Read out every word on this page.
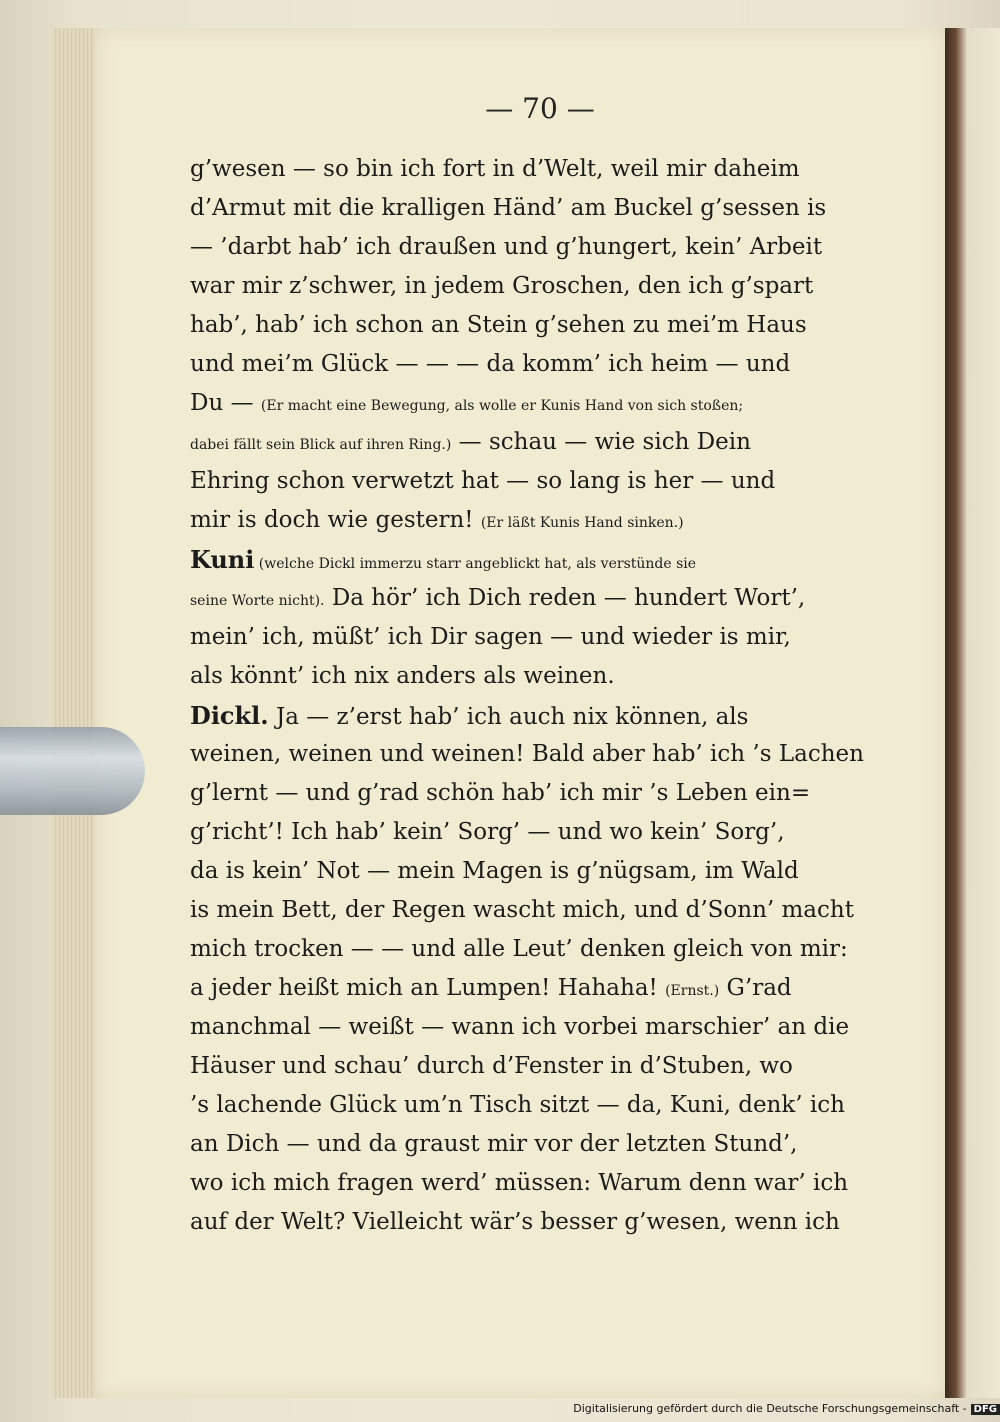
— 70 —
g’wesen — so bin ich fort in d’Welt, weil mir daheim
d’Armut mit die kralligen Händ’ am Buckel g’sessen is
— ’darbt hab’ ich draußen und g’hungert, kein’ Arbeit
war mir z’schwer, in jedem Groschen, den ich g’spart
hab’, hab’ ich schon an Stein g’sehen zu mei’m Haus
und mei’m Glück — — — da komm’ ich heim — und
Du — (Er macht eine Bewegung, als wolle er Kunis Hand von sich stoßen;
dabei fällt sein Blick auf ihren Ring.) — schau — wie sich Dein
Ehring schon verwetzt hat — so lang is her — und
mir is doch wie gestern! (Er läßt Kunis Hand sinken.)
Kuni (welche Dickl immerzu starr angeblickt hat, als verstünde sie
seine Worte nicht). Da hör’ ich Dich reden — hundert Wort’,
mein’ ich, müßt’ ich Dir sagen — und wieder is mir,
als könnt’ ich nix anders als weinen.
Dickl. Ja — z’erst hab’ ich auch nix können, als
weinen, weinen und weinen! Bald aber hab’ ich ’s Lachen
g’lernt — und g’rad schön hab’ ich mir ’s Leben ein=
g’richt’! Ich hab’ kein’ Sorg’ — und wo kein’ Sorg’,
da is kein’ Not — mein Magen is g’nügsam, im Wald
is mein Bett, der Regen wascht mich, und d’Sonn’ macht
mich trocken — — und alle Leut’ denken gleich von mir:
a jeder heißt mich an Lumpen! Hahaha! (Ernst.) G’rad
manchmal — weißt — wann ich vorbei marschier’ an die
Häuser und schau’ durch d’Fenster in d’Stuben, wo
’s lachende Glück um’n Tisch sitzt — da, Kuni, denk’ ich
an Dich — und da graust mir vor der letzten Stund’,
wo ich mich fragen werd’ müssen: Warum denn war’ ich
auf der Welt? Vielleicht wär’s besser g’wesen, wenn ich
Digitalisierung gefördert durch die Deutsche Forschungsgemeinschaft - DFG
